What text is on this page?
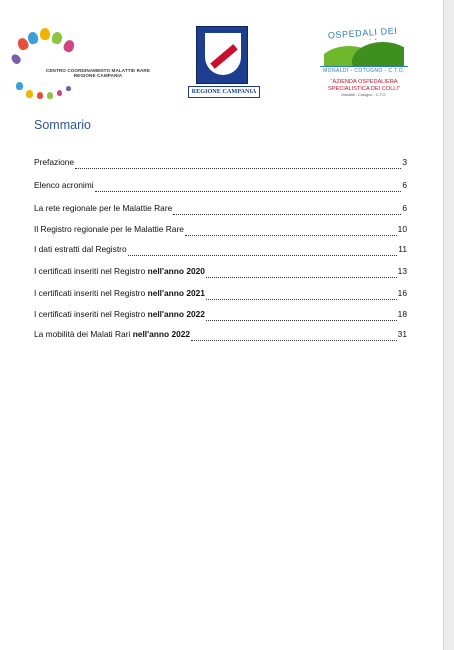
CENTRO COORDINAMENTO MALATTIE RARE
REGIONE CAMPANIA
REGIONE CAMPANIA
OSPEDALI DEI
MONALDI - COTUGNO - C.T.O.
"AZIENDA OSPEDALIERA
SPECIALISTICA DEI COLLI"
Monaldi - Cotugno - C.T.O.
Sommario
Prefazione	3
Elenco acronimi	6
La rete regionale per le Malattie Rare	6
Il Registro regionale per le Malattie Rare	10
I dati estratti dal Registro	11
I certificati inseriti nel Registro nell'anno 2020	13
I certificati inseriti nel Registro nell'anno 2021	16
I certificati inseriti nel Registro nell'anno 2022	18
La mobilità dei Malati Rari nell'anno 2022	31
